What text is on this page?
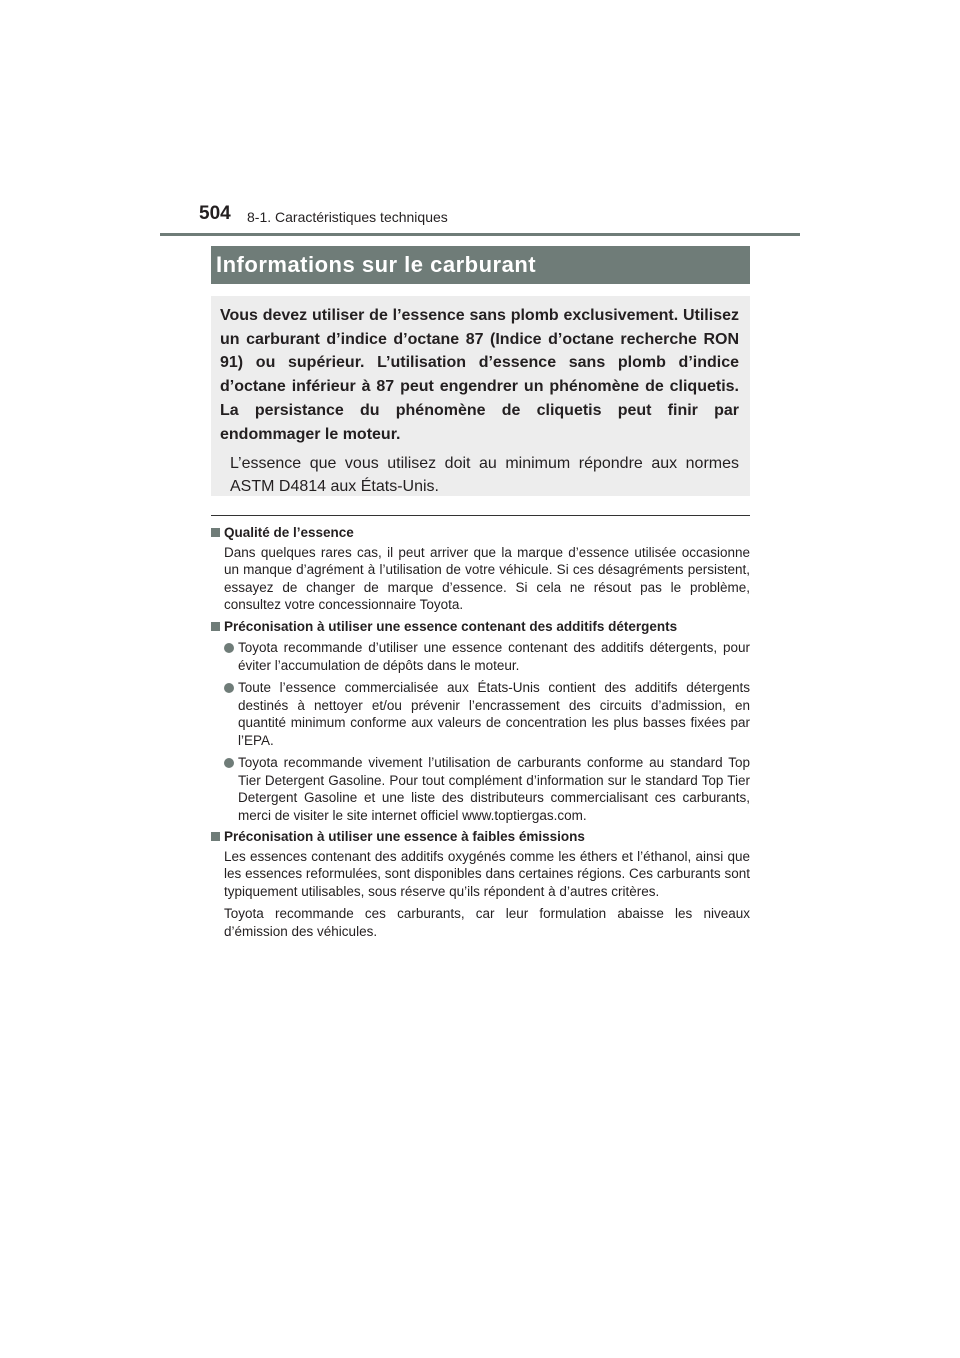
504 8-1. Caractéristiques techniques
Informations sur le carburant

Vous devez utiliser de l’essence sans plomb exclusivement. Utilisez un carburant d’indice d’octane 87 (Indice d’octane recherche RON 91) ou supérieur. L’utilisation d’essence sans plomb d’indice d’octane inférieur à 87 peut engendrer un phénomène de cliquetis. La persistance du phénomène de cliquetis peut finir par endommager le moteur.

L’essence que vous utilisez doit au minimum répondre aux normes ASTM D4814 aux États-Unis.

Qualité de l’essence

Dans quelques rares cas, il peut arriver que la marque d’essence utilisée occasionne un manque d’agrément à l’utilisation de votre véhicule. Si ces désagréments persistent, essayez de changer de marque d’essence. Si cela ne résout pas le problème, consultez votre concessionnaire Toyota.

Préconisation à utiliser une essence contenant des additifs détergents

Toyota recommande d’utiliser une essence contenant des additifs détergents, pour éviter l’accumulation de dépôts dans le moteur.

Toute l’essence commercialisée aux États-Unis contient des additifs détergents destinés à nettoyer et/ou prévenir l’encrassement des circuits d’admission, en quantité minimum conforme aux valeurs de concentration les plus basses fixées par l’EPA.

Toyota recommande vivement l’utilisation de carburants conforme au standard Top Tier Detergent Gasoline. Pour tout complément d’information sur le standard Top Tier Detergent Gasoline et une liste des distributeurs commercialisant ces carburants, merci de visiter le site internet officiel www.toptiergas.com.

Préconisation à utiliser une essence à faibles émissions

Les essences contenant des additifs oxygénés comme les éthers et l’éthanol, ainsi que les essences reformulées, sont disponibles dans certaines régions. Ces carburants sont typiquement utilisables, sous réserve qu’ils répondent à d’autres critères.

Toyota recommande ces carburants, car leur formulation abaisse les niveaux d’émission des véhicules.
